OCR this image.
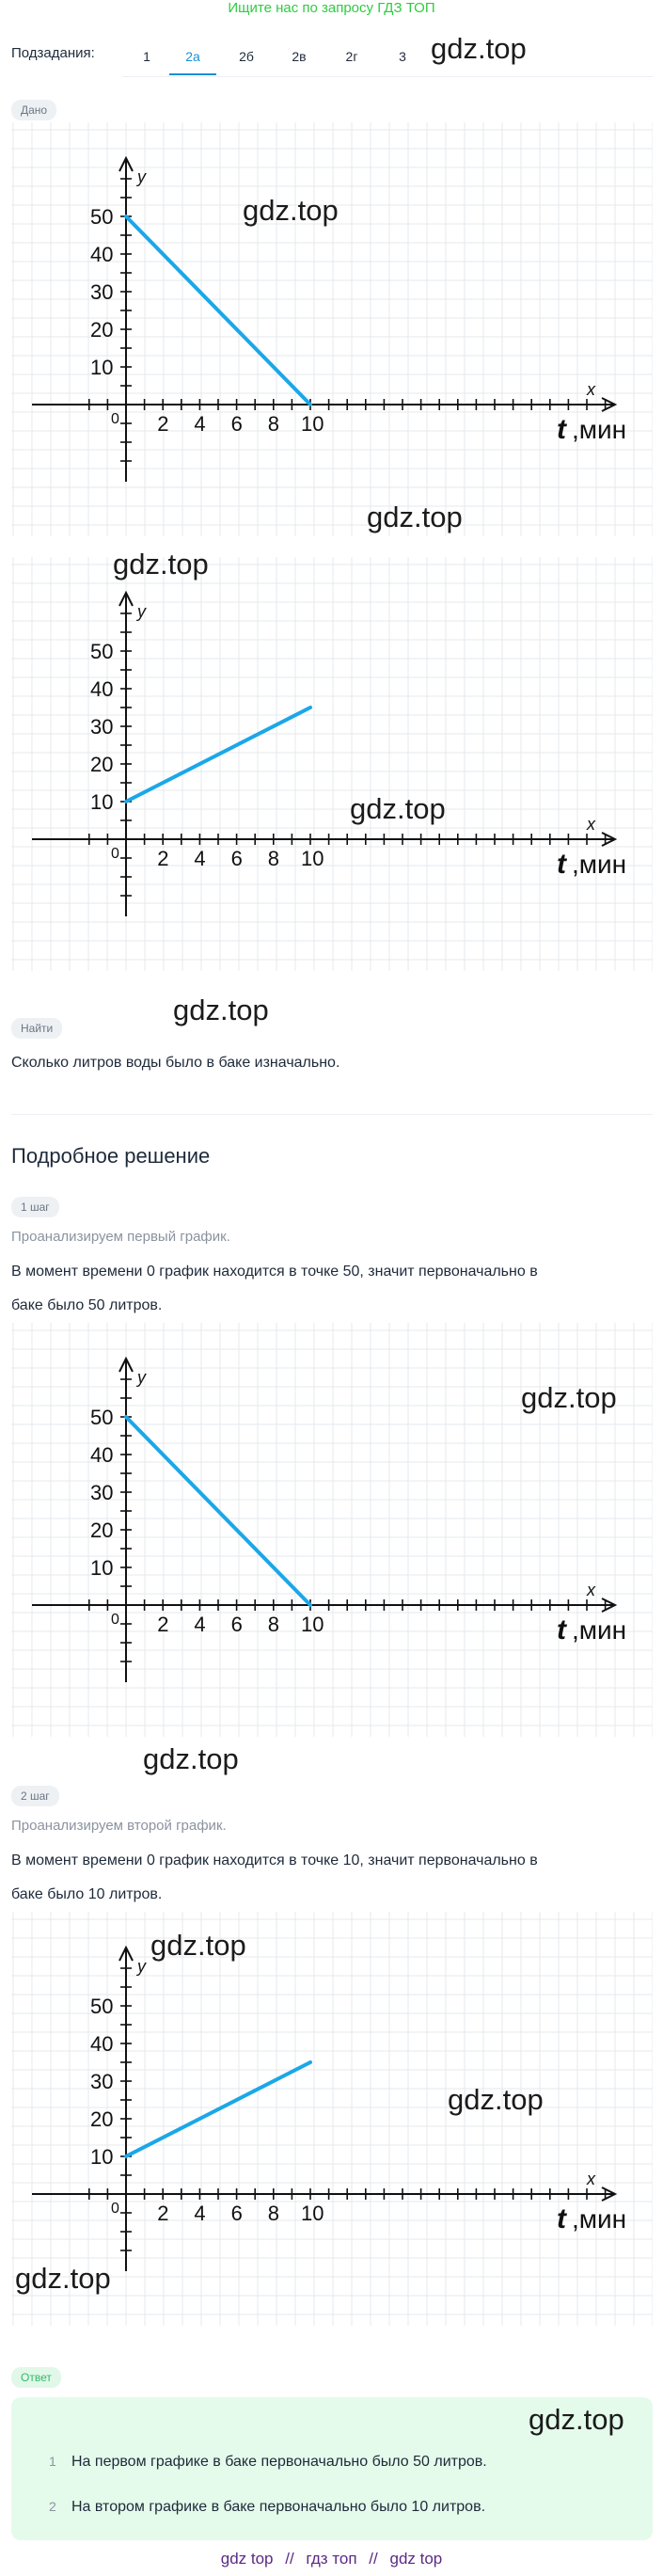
Ищите нас по запросу ГДЗ ТОП
Подзадания:	1	2а	2б	2в	2г	3 gdz.top
Дано
2 4 6 8 10
10
20
30
40
50
0
y
x
t ,мин
gdz.top
gdz.top
2 4 6 8 10
10
20
30
40
50
0
y
x
t ,мин
gdz.top
gdz.top
gdz.top
Найти
Сколько литров воды было в баке изначально.
Подробное решение
1 шаг
Проанализируем первый график.
В момент времени 0 график находится в точке 50, значит первоначально в
баке было 50 литров.
2 4 6 8 10
10
20
30
40
50
0
y
x
t ,мин
gdz.top
gdz.top
2 шаг
Проанализируем второй график.
В момент времени 0 график находится в точке 10, значит первоначально в
баке было 10 литров.
2 4 6 8 10
10
20
30
40
50
0
y
x
t ,мин
gdz.top
gdz.top
gdz.top
Ответ
1 На первом графике в баке первоначально было 50 литров.
2 На втором графике в баке первоначально было 10 литров.
gdz.top
gdz top // гдз топ // gdz top
